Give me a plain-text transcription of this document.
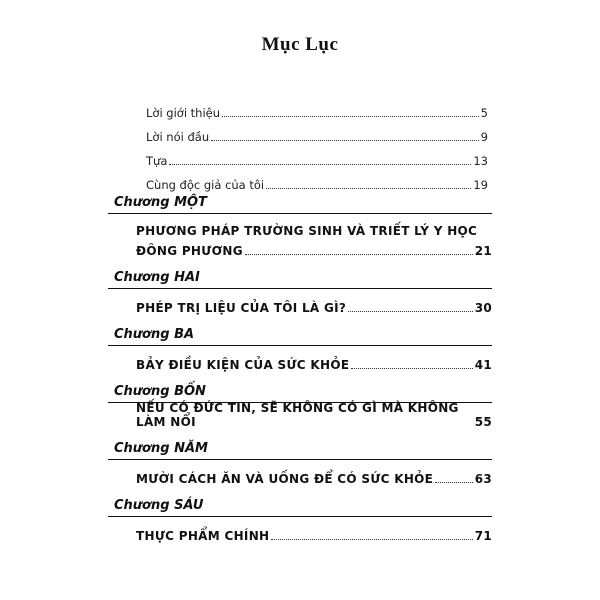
Mục Lục
Lời giới thiệu	5
Lời nói đầu	9
Tựa	13
Cùng độc giả của tôi	19
Chương MỘT
PHƯƠNG PHÁP TRƯỜNG SINH VÀ TRIẾT LÝ Y HỌC
ĐÔNG PHƯƠNG	21
Chương HAI
PHÉP TRỊ LIỆU CỦA TÔI LÀ GÌ?	30
Chương BA
BẢY ĐIỀU KIỆN CỦA SỨC KHỎE	41
Chương BỐN
NẾU CÓ ĐỨC TIN, SẼ KHÔNG CÓ GÌ MÀ KHÔNG LÀM NỔI	55
Chương NĂM
MƯỜI CÁCH ĂN VÀ UỐNG ĐỂ CÓ SỨC KHỎE	63
Chương SÁU
THỰC PHẨM CHÍNH	71
